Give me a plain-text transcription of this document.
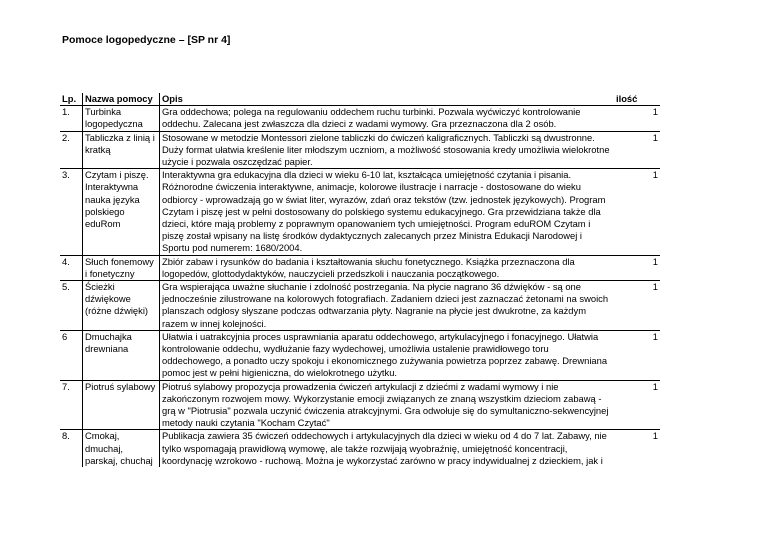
Pomoce logopedyczne – [SP nr 4]
Lp.	Nazwa pomocy	Opis	ilość
1.	Turbinka logopedyczna	Gra oddechowa; polega na regulowaniu oddechem ruchu turbinki. Pozwala wyćwiczyć kontrolowanie oddechu. Zalecana jest zwłaszcza dla dzieci z wadami wymowy. Gra przeznaczona dla 2 osób.	1
2.	Tabliczka z linią i kratką	Stosowane w metodzie Montessori zielone tabliczki do ćwiczeń kaligraficznych. Tabliczki są dwustronne. Duży format ułatwia kreślenie liter młodszym uczniom, a możliwość stosowania kredy umożliwia wielokrotne użycie i pozwala oszczędzać papier.	1
3.	Czytam i piszę. Interaktywna nauka języka polskiego eduRom	Interaktywna gra edukacyjna dla dzieci w wieku 6-10 lat, kształcąca umiejętność czytania i pisania. Różnorodne ćwiczenia interaktywne, animacje, kolorowe ilustracje i narracje - dostosowane do wieku odbiorcy - wprowadzają go w świat liter, wyrazów, zdań oraz tekstów (tzw. jednostek językowych). Program Czytam i piszę jest w pełni dostosowany do polskiego systemu edukacyjnego. Gra przewidziana także dla dzieci, które mają problemy z poprawnym opanowaniem tych umiejętności. Program eduROM Czytam i piszę został wpisany na listę środków dydaktycznych zalecanych przez Ministra Edukacji Narodowej i Sportu pod numerem: 1680/2004.	1
4.	Słuch fonemowy i fonetyczny	Zbiór zabaw i rysunków do badania i kształtowania słuchu fonetycznego. Książka przeznaczona dla logopedów, glottodydaktyków, nauczycieli przedszkoli i nauczania początkowego.	1
5.	Ścieżki dźwiękowe (różne dźwięki)	Gra wspierająca uważne słuchanie i zdolność postrzegania. Na płycie nagrano 36 dźwięków - są one jednocześnie zilustrowane na kolorowych fotografiach. Zadaniem dzieci jest zaznaczać żetonami na swoich planszach odgłosy słyszane podczas odtwarzania płyty. Nagranie na płycie jest dwukrotne, za każdym razem w innej kolejności.	1
6	Dmuchajka drewniana	Ułatwia i uatrakcyjnia proces usprawniania aparatu oddechowego, artykulacyjnego i fonacyjnego. Ułatwia kontrolowanie oddechu, wydłużanie fazy wydechowej, umożliwia ustalenie prawidłowego toru oddechowego, a ponadto uczy spokoju i ekonomicznego zużywania powietrza poprzez zabawę. Drewniana pomoc jest w pełni higieniczna, do wielokrotnego użytku.	1
7.	Piotruś sylabowy	Piotruś sylabowy propozycja prowadzenia ćwiczeń artykulacji z dziećmi z wadami wymowy i nie zakończonym rozwojem mowy. Wykorzystanie emocji związanych ze znaną wszystkim dzieciom zabawą - grą w "Piotrusia" pozwala uczynić ćwiczenia atrakcyjnymi. Gra odwołuje się do symultaniczno-sekwencyjnej metody nauki czytania "Kocham Czytać"	1
8.	Cmokaj, dmuchaj, parskaj, chuchaj	Publikacja zawiera 35 ćwiczeń oddechowych i artykulacyjnych dla dzieci w wieku od 4 do 7 lat. Zabawy, nie tylko wspomagają prawidłową wymowę, ale także rozwijają wyobraźnię, umiejętność koncentracji, koordynację wzrokowo - ruchową. Można je wykorzystać zarówno w pracy indywidualnej z dzieckiem, jak i	1
